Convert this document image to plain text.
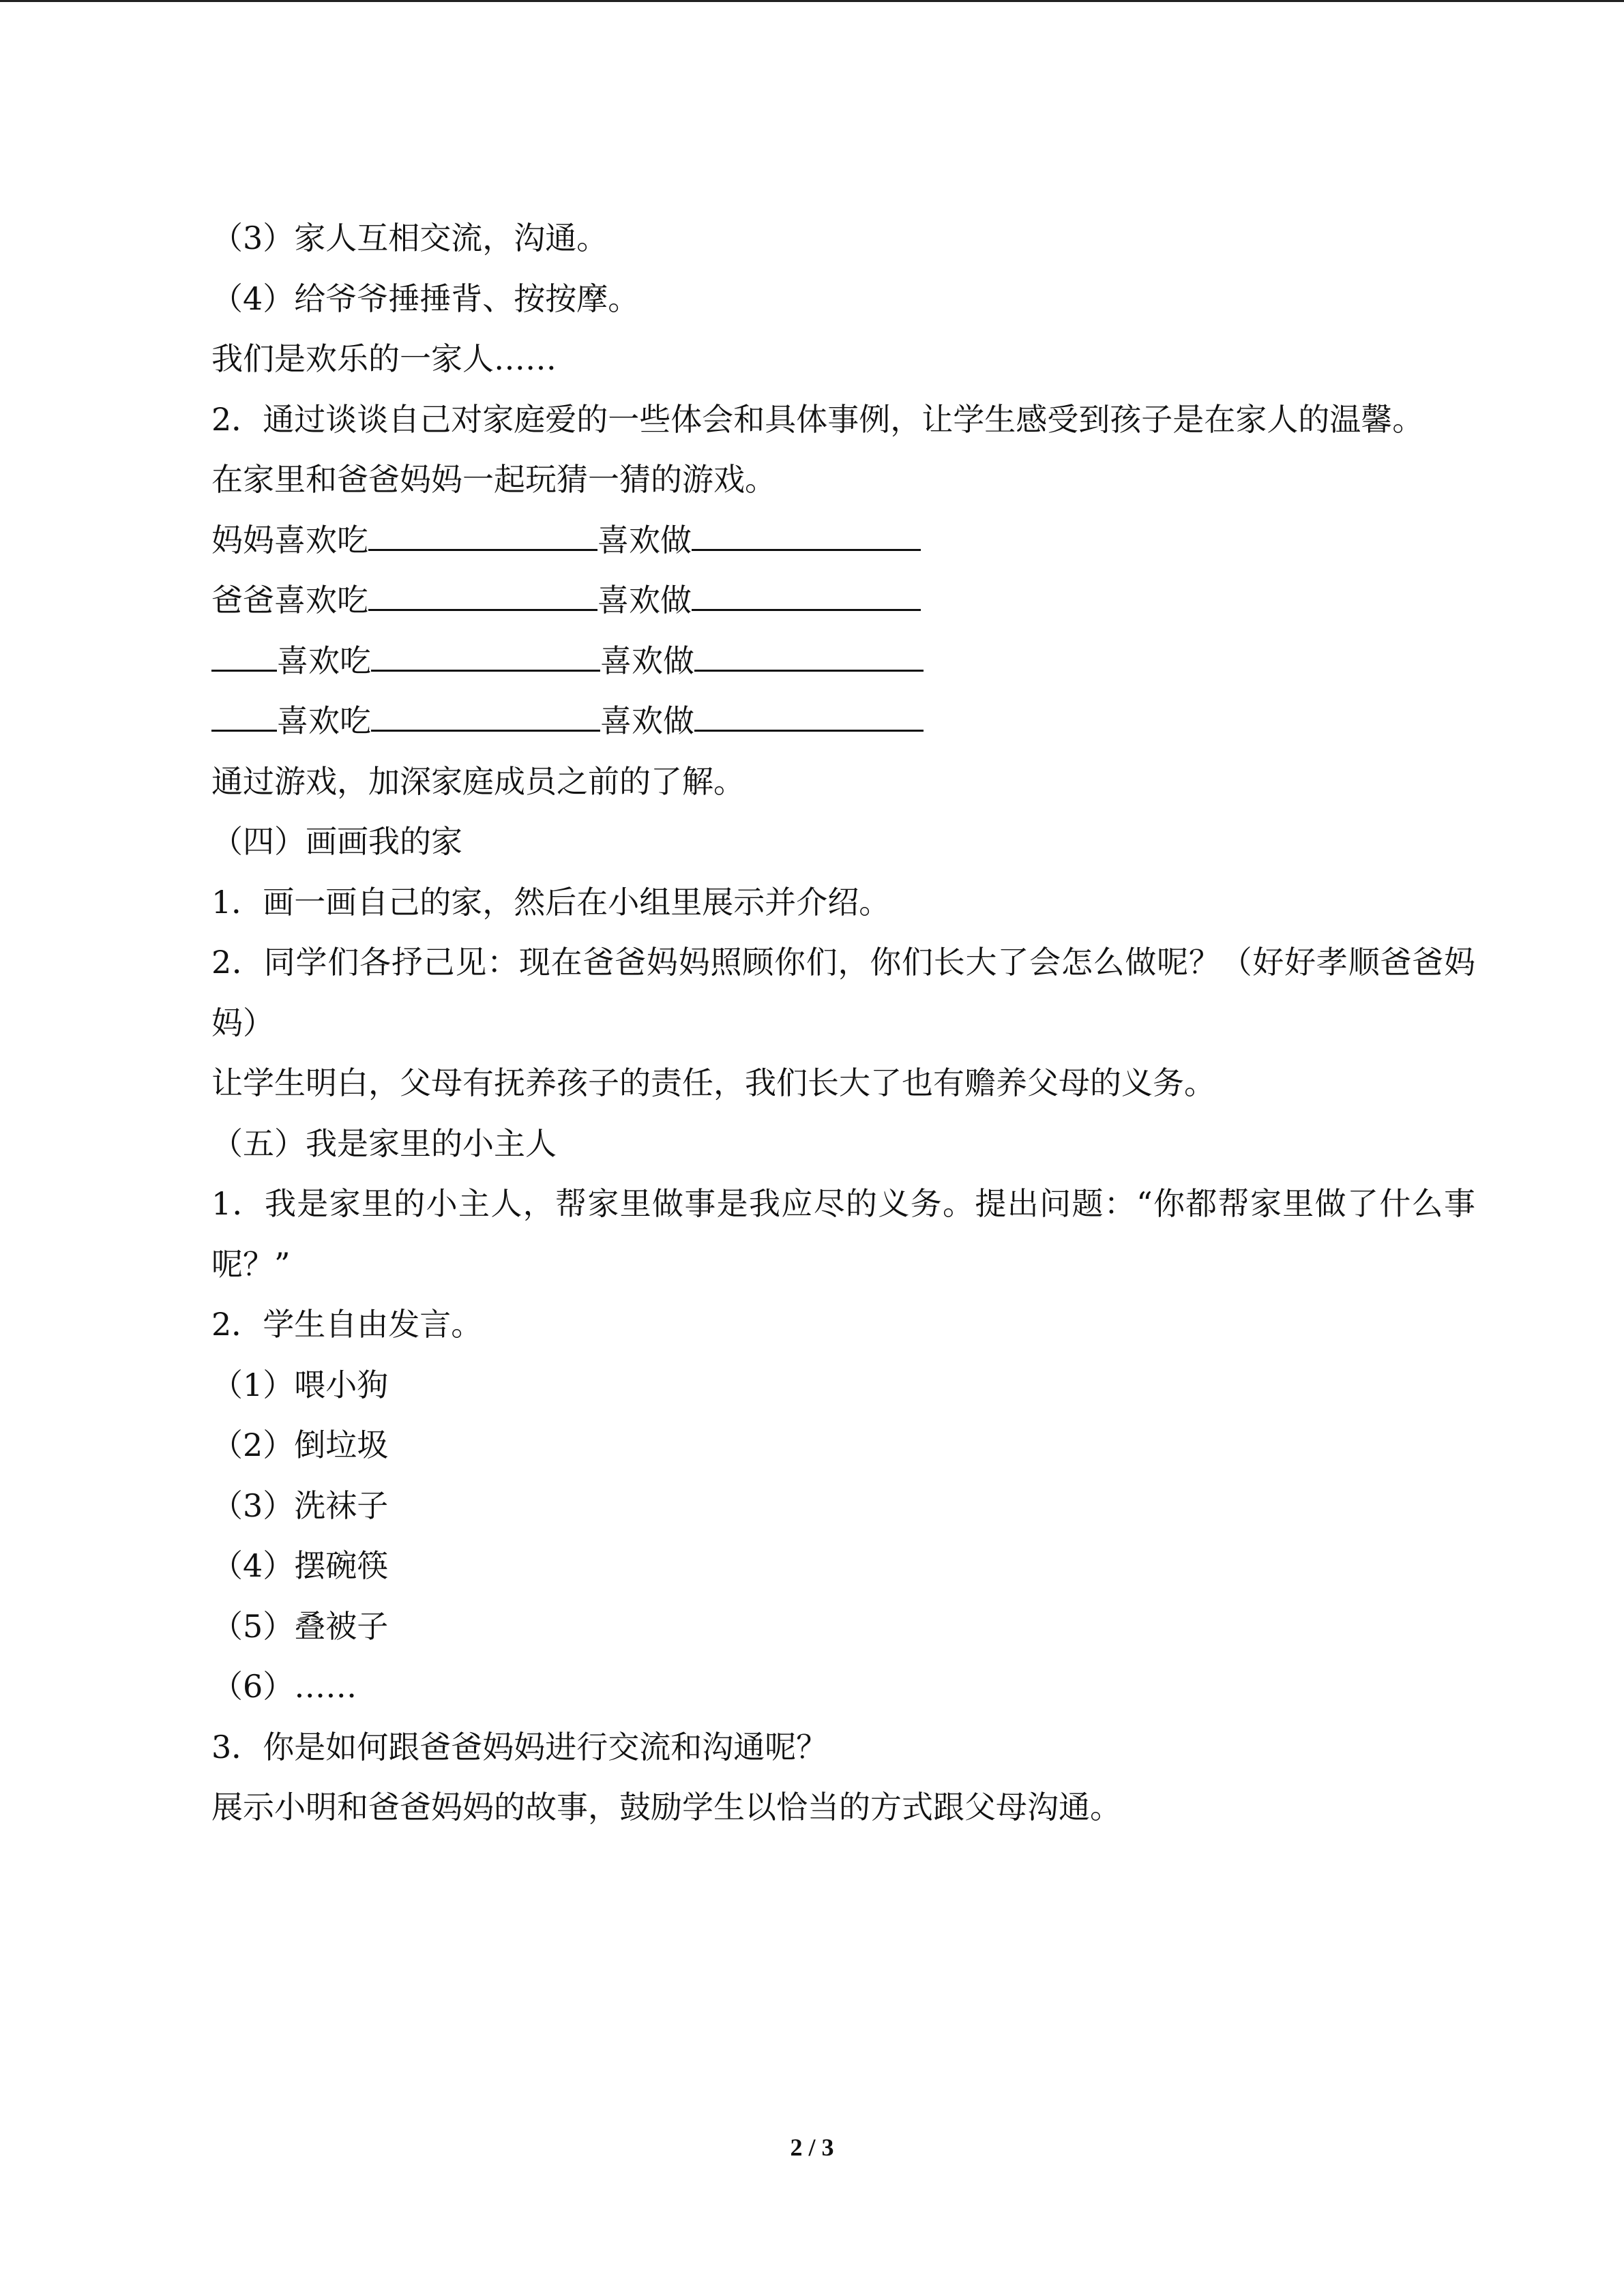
（3）家人互相交流，沟通。

（4）给爷爷捶捶背、按按摩。

我们是欢乐的一家人……

2．通过谈谈自己对家庭爱的一些体会和具体事例，让学生感受到孩子是在家人的温馨。

在家里和爸爸妈妈一起玩猜一猜的游戏。

妈妈喜欢吃	喜欢做

爸爸喜欢吃	喜欢做

喜欢吃	喜欢做

喜欢吃	喜欢做

通过游戏，加深家庭成员之前的了解。

（四）画画我的家

1．画一画自己的家，然后在小组里展示并介绍。

2．同学们各抒己见：现在爸爸妈妈照顾你们，你们长大了会怎么做呢？（好好孝顺爸爸妈妈）

让学生明白，父母有抚养孩子的责任，我们长大了也有赡养父母的义务。

（五）我是家里的小主人

1．我是家里的小主人，帮家里做事是我应尽的义务。提出问题：“你都帮家里做了什么事呢？”

2．学生自由发言。

（1）喂小狗

（2）倒垃圾

（3）洗袜子

（4）摆碗筷

（5）叠被子

（6）……

3．你是如何跟爸爸妈妈进行交流和沟通呢？

展示小明和爸爸妈妈的故事，鼓励学生以恰当的方式跟父母沟通。

2 / 3
